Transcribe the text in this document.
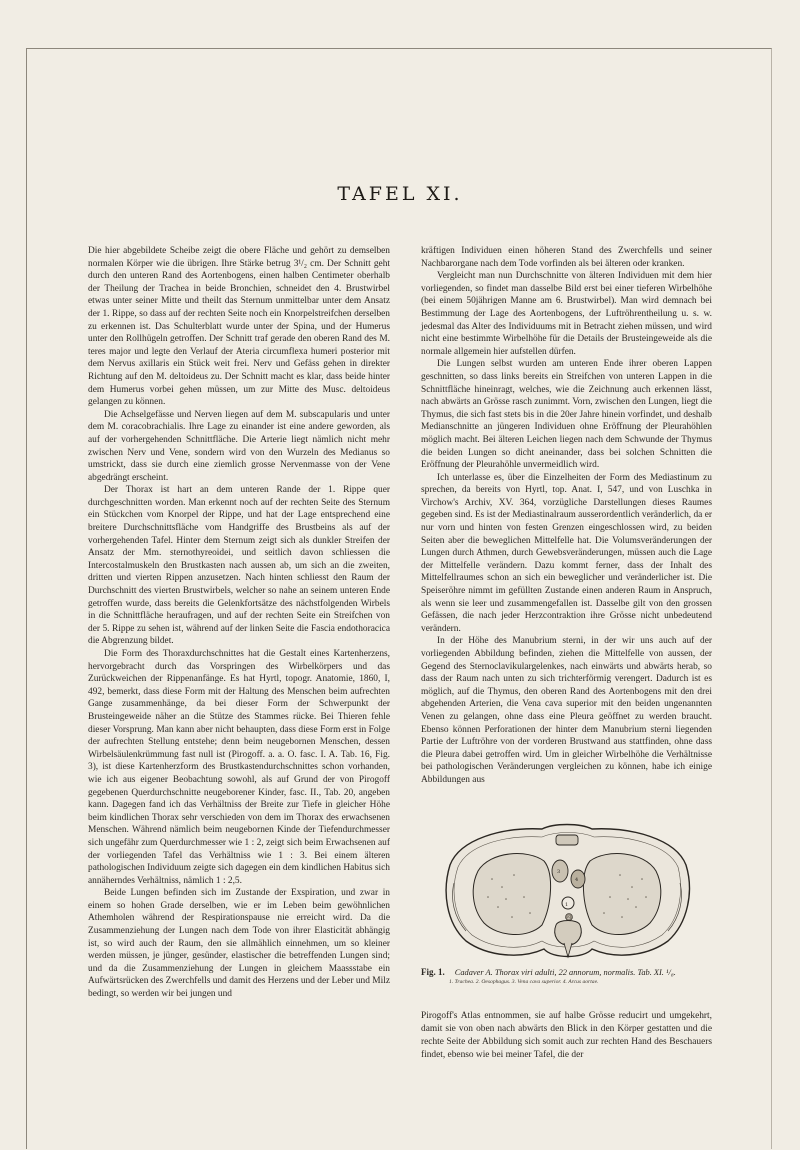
TAFEL XI.

Die hier abgebildete Scheibe zeigt die obere Fläche und gehört zu demselben normalen Körper wie die übrigen. Ihre Stärke betrug 3¹/₂ cm. Der Schnitt geht durch den unteren Rand des Aortenbogens, einen halben Centimeter oberhalb der Theilung der Trachea in beide Bronchien, schneidet den 4. Brustwirbel etwas unter seiner Mitte und theilt das Sternum unmittelbar unter dem Ansatz der 1. Rippe, so dass auf der rechten Seite noch ein Knorpelstreifchen derselben zu erkennen ist. Das Schulterblatt wurde unter der Spina, und der Humerus unter den Rollhügeln getroffen. Der Schnitt traf gerade den oberen Rand des M. teres major und legte den Verlauf der Ateria circumflexa humeri posterior mit dem Nervus axillaris ein Stück weit frei. Nerv und Gefäss gehen in direkter Richtung auf den M. deltoideus zu. Der Schnitt macht es klar, dass beide hinter dem Humerus vorbei gehen müssen, um zur Mitte des Musc. deltoideus gelangen zu können.

Die Achselgefässe und Nerven liegen auf dem M. subscapularis und unter dem M. coracobrachialis. Ihre Lage zu einander ist eine andere geworden, als auf der vorhergehenden Schnittfläche. Die Arterie liegt nämlich nicht mehr zwischen Nerv und Vene, sondern wird von den Wurzeln des Medianus so umstrickt, dass sie durch eine ziemlich grosse Nervenmasse von der Vene abgedrängt erscheint.

Der Thorax ist hart an dem unteren Rande der 1. Rippe quer durchgeschnitten worden. Man erkennt noch auf der rechten Seite des Sternum ein Stückchen vom Knorpel der Rippe, und hat der Lage entsprechend eine breitere Durchschnittsfläche vom Handgriffe des Brustbeins als auf der vorhergehenden Tafel. Hinter dem Sternum zeigt sich als dunkler Streifen der Ansatz der Mm. sternothyreoidei, und seitlich davon schliessen die Intercostalmuskeln den Brustkasten nach aussen ab, um sich an die zweiten, dritten und vierten Rippen anzusetzen. Nach hinten schliesst den Raum der Durchschnitt des vierten Brustwirbels, welcher so nahe an seinem unteren Ende getroffen wurde, dass bereits die Gelenkfortsätze des nächstfolgenden Wirbels in die Schnittfläche heraufragen, und auf der rechten Seite ein Streifchen von der 5. Rippe zu sehen ist, während auf der linken Seite die Fascia endothoracica die Abgrenzung bildet.

Die Form des Thoraxdurchschnittes hat die Gestalt eines Kartenherzens, hervorgebracht durch das Vorspringen des Wirbelkörpers und das Zurückweichen der Rippenanfänge. Es hat Hyrtl, topogr. Anatomie, 1860, I, 492, bemerkt, dass diese Form mit der Haltung des Menschen beim aufrechten Gange zusammenhänge, da bei dieser Form der Schwerpunkt der Brusteingeweide näher an die Stütze des Stammes rücke. Bei Thieren fehle dieser Vorsprung. Man kann aber nicht behaupten, dass diese Form erst in Folge der aufrechten Stellung entstehe; denn beim neugebornen Menschen, dessen Wirbelsäulenkrümmung fast null ist (Pirogoff. a. a. O. fasc. I. A. Tab. 16, Fig. 3), ist diese Kartenherzform des Brustkastendurchschnittes schon vorhanden, wie ich aus eigener Beobachtung sowohl, als auf Grund der von Pirogoff gegebenen Querdurchschnitte neugeborener Kinder, fasc. II., Tab. 20, angeben kann. Dagegen fand ich das Verhältniss der Breite zur Tiefe in gleicher Höhe beim kindlichen Thorax sehr verschieden von dem im Thorax des erwachsenen Menschen. Während nämlich beim neugebornen Kinde der Tiefendurchmesser sich ungefähr zum Querdurchmesser wie 1 : 2, zeigt sich beim Erwachsenen auf der vorliegenden Tafel das Verhältniss wie 1 : 3. Bei einem älteren pathologischen Individuum zeigte sich dagegen ein dem kindlichen Habitus sich annäherndes Verhältniss, nämlich 1 : 2,5.

Beide Lungen befinden sich im Zustande der Exspiration, und zwar in einem so hohen Grade derselben, wie er im Leben beim gewöhnlichen Athemholen während der Respirationspause nie erreicht wird. Da die Zusammenziehung der Lungen nach dem Tode von ihrer Elasticität abhängig ist, so wird auch der Raum, den sie allmählich einnehmen, um so kleiner werden müssen, je jünger, gesünder, elastischer die betreffenden Lungen sind; und da die Zusammenziehung der Lungen in gleichem Maassstabe ein Aufwärtsrücken des Zwerchfells und damit des Herzens und der Leber und Milz bedingt, so werden wir bei jungen und

kräftigen Individuen einen höheren Stand des Zwerchfells und seiner Nachbarorgane nach dem Tode vorfinden als bei älteren oder kranken.

Vergleicht man nun Durchschnitte von älteren Individuen mit dem hier vorliegenden, so findet man dasselbe Bild erst bei einer tieferen Wirbelhöhe (bei einem 50jährigen Manne am 6. Brustwirbel). Man wird demnach bei Bestimmung der Lage des Aortenbogens, der Luftröhrentheilung u. s. w. jedesmal das Alter des Individuums mit in Betracht ziehen müssen, und wird nicht eine bestimmte Wirbelhöhe für die Details der Brusteingeweide als die normale allgemein hier aufstellen dürfen.

Die Lungen selbst wurden am unteren Ende ihrer oberen Lappen geschnitten, so dass links bereits ein Streifchen von unteren Lappen in die Schnittfläche hineinragt, welches, wie die Zeichnung auch erkennen lässt, nach abwärts an Grösse rasch zunimmt. Vorn, zwischen den Lungen, liegt die Thymus, die sich fast stets bis in die 20er Jahre hinein vorfindet, und deshalb Medianschnitte an jüngeren Individuen ohne Eröffnung der Pleurahöhlen möglich macht. Bei älteren Leichen liegen nach dem Schwunde der Thymus die beiden Lungen so dicht aneinander, dass bei solchen Schnitten die Eröffnung der Pleurahöhle unvermeidlich wird.

Ich unterlasse es, über die Einzelheiten der Form des Mediastinum zu sprechen, da bereits von Hyrtl, top. Anat. I, 547, und von Luschka in Virchow's Archiv, XV. 364, vorzügliche Darstellungen dieses Raumes gegeben sind. Es ist der Mediastinalraum ausserordentlich veränderlich, da er nur vorn und hinten von festen Grenzen eingeschlossen wird, zu beiden Seiten aber die beweglichen Mittelfelle hat. Die Volumsveränderungen der Lungen durch Athmen, durch Gewebsveränderungen, müssen auch die Lage der Mittelfelle verändern. Dazu kommt ferner, dass der Inhalt des Mittelfellraumes schon an sich ein beweglicher und veränderlicher ist. Die Speiseröhre nimmt im gefüllten Zustande einen anderen Raum in Anspruch, als wenn sie leer und zusammengefallen ist. Dasselbe gilt von den grossen Gefässen, die nach jeder Herzcontraktion ihre Grösse nicht unbedeutend verändern.

In der Höhe des Manubrium sterni, in der wir uns auch auf der vorliegenden Abbildung befinden, ziehen die Mittelfelle von aussen, der Gegend des Sternoclavikulargelenkes, nach einwärts und abwärts herab, so dass der Raum nach unten zu sich trichterförmig verengert. Dadurch ist es möglich, auf die Thymus, den oberen Rand des Aortenbogens mit den drei abgehenden Arterien, die Vena cava superior mit den beiden ungenannten Venen zu gelangen, ohne dass eine Pleura geöffnet zu werden braucht. Ebenso können Perforationen der hinter dem Manubrium sterni liegenden Partie der Luftröhre von der vorderen Brustwand aus stattfinden, ohne dass die Pleura dabei getroffen wird. Um in gleicher Wirbelhöhe die Verhältnisse bei pathologischen Veränderungen vergleichen zu können, habe ich einige Abbildungen aus

1
2
3
4
Fig. 1. Cadaver A. Thorax viri adulti, 22 annorum, normalis. Tab. XI. ¹/₈.
1. Trachea. 2. Oesophagus. 3. Vena cava superior. 4. Arcus aortae.

Pirogoff's Atlas entnommen, sie auf halbe Grösse reducirt und umgekehrt, damit sie von oben nach abwärts den Blick in den Körper gestatten und die rechte Seite der Abbildung sich somit auch zur rechten Hand des Beschauers findet, ebenso wie bei meiner Tafel, die der
